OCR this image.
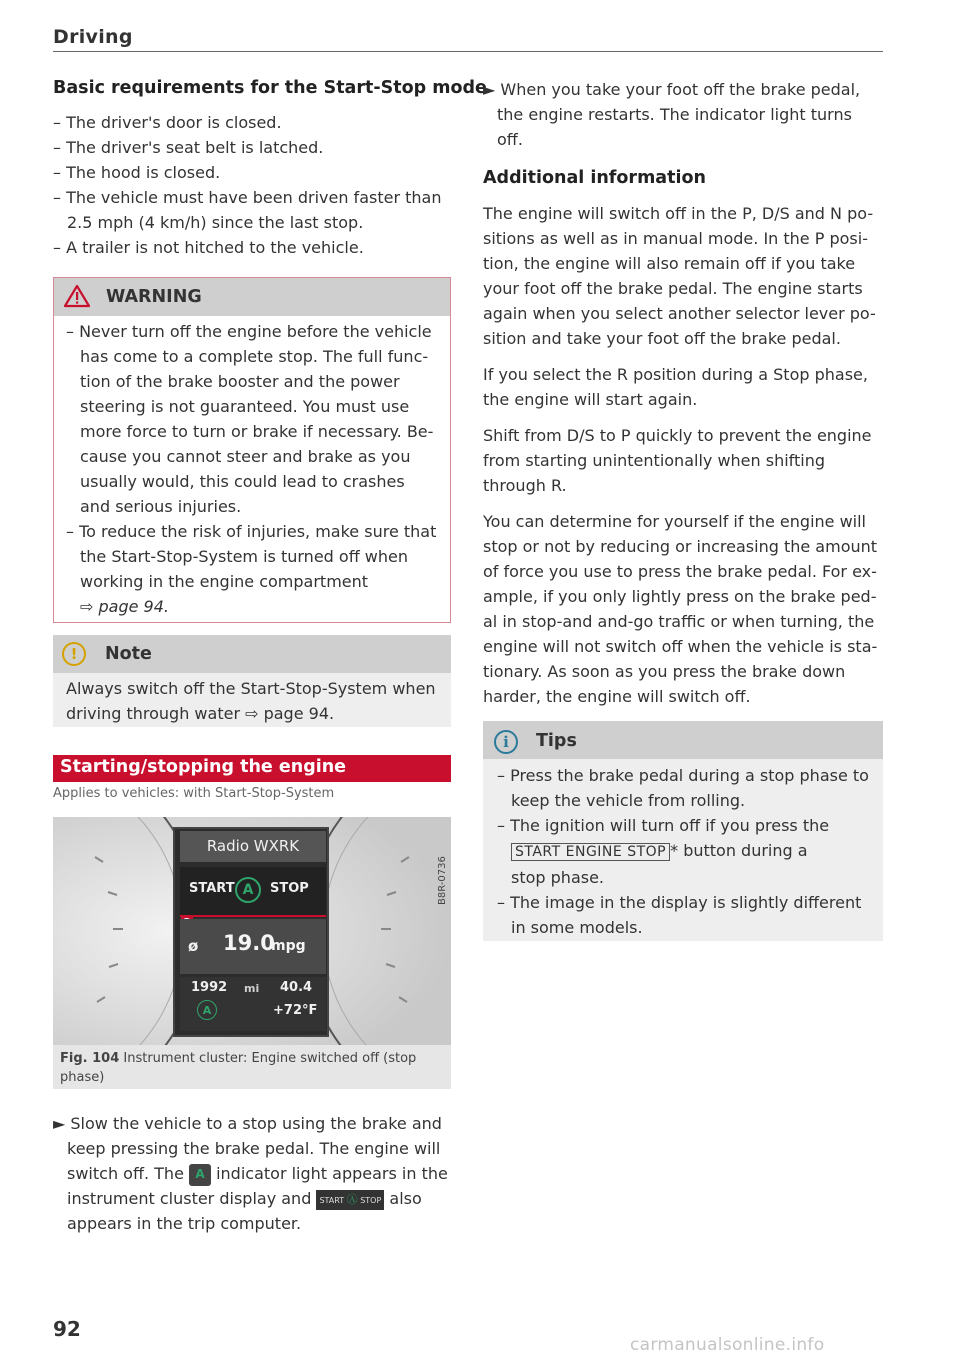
Driving
Basic requirements for the Start-Stop mode

– The driver's door is closed.

– The driver's seat belt is latched.

– The hood is closed.

– The vehicle must have been driven faster than

2.5 mph (4 km/h) since the last stop.

– A trailer is not hitched to the vehicle.

WARNING

– Never turn off the engine before the vehicle

has come to a complete stop. The full func-

tion of the brake booster and the power

steering is not guaranteed. You must use

more force to turn or brake if necessary. Be-

cause you cannot steer and brake as you

usually would, this could lead to crashes

and serious injuries.

– To reduce the risk of injuries, make sure that

the Start-Stop-System is turned off when

working in the engine compartment

⇨ page 94.

!	Note

Always switch off the Start-Stop-System when

driving through water ⇨ page 94.

Starting/stopping the engine
Applies to vehicles: with Start-Stop-System
B8R-0736
Radio WXRK
START A	STOP
ø 19.0
mpg
1992 mi 40.4
A	+72°F
Fig. 104 Instrument cluster: Engine switched off (stop
phase)

► Slow the vehicle to a stop using the brake and

keep pressing the brake pedal. The engine will

switch off. The A indicator light appears in the

instrument cluster display and START Ⓐ STOP also

appears in the trip computer.

92

► When you take your foot off the brake pedal,

the engine restarts. The indicator light turns

off.

Additional information

The engine will switch off in the P, D/S and N po-

sitions as well as in manual mode. In the P posi-

tion, the engine will also remain off if you take

your foot off the brake pedal. The engine starts

again when you select another selector lever po-

sition and take your foot off the brake pedal.

If you select the R position during a Stop phase,

the engine will start again.

Shift from D/S to P quickly to prevent the engine

from starting unintentionally when shifting

through R.

You can determine for yourself if the engine will

stop or not by reducing or increasing the amount

of force you use to press the brake pedal. For ex-

ample, if you only lightly press on the brake ped-

al in stop-and and-go traffic or when turning, the

engine will not switch off when the vehicle is sta-

tionary. As soon as you press the brake down

harder, the engine will switch off.

i	Tips

– Press the brake pedal during a stop phase to

keep the vehicle from rolling.

– The ignition will turn off if you press the

START ENGINE STOP * button during a

stop phase.

– The image in the display is slightly different

in some models.

carmanualsonline.info
